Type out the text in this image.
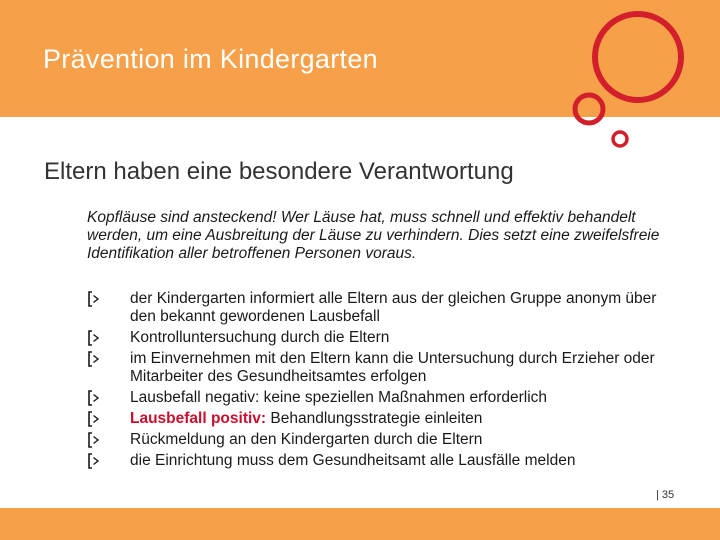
Prävention im Kindergarten
Eltern haben eine besondere Verantwortung
Kopfläuse sind ansteckend! Wer Läuse hat, muss schnell und effektiv behandelt werden, um eine Ausbreitung der Läuse zu verhindern. Dies setzt eine zweifelsfreie Identifikation aller betroffenen Personen voraus.
der Kindergarten informiert alle Eltern aus der gleichen Gruppe anonym über den bekannt gewordenen Lausbefall
Kontrolluntersuchung durch die Eltern
im Einvernehmen mit den Eltern kann die Untersuchung durch Erzieher oder Mitarbeiter des Gesundheitsamtes erfolgen
Lausbefall negativ: keine speziellen Maßnahmen erforderlich
Lausbefall positiv: Behandlungsstrategie einleiten
Rückmeldung an den Kindergarten durch die Eltern
die Einrichtung muss dem Gesundheitsamt alle Lausfälle melden
| 35
